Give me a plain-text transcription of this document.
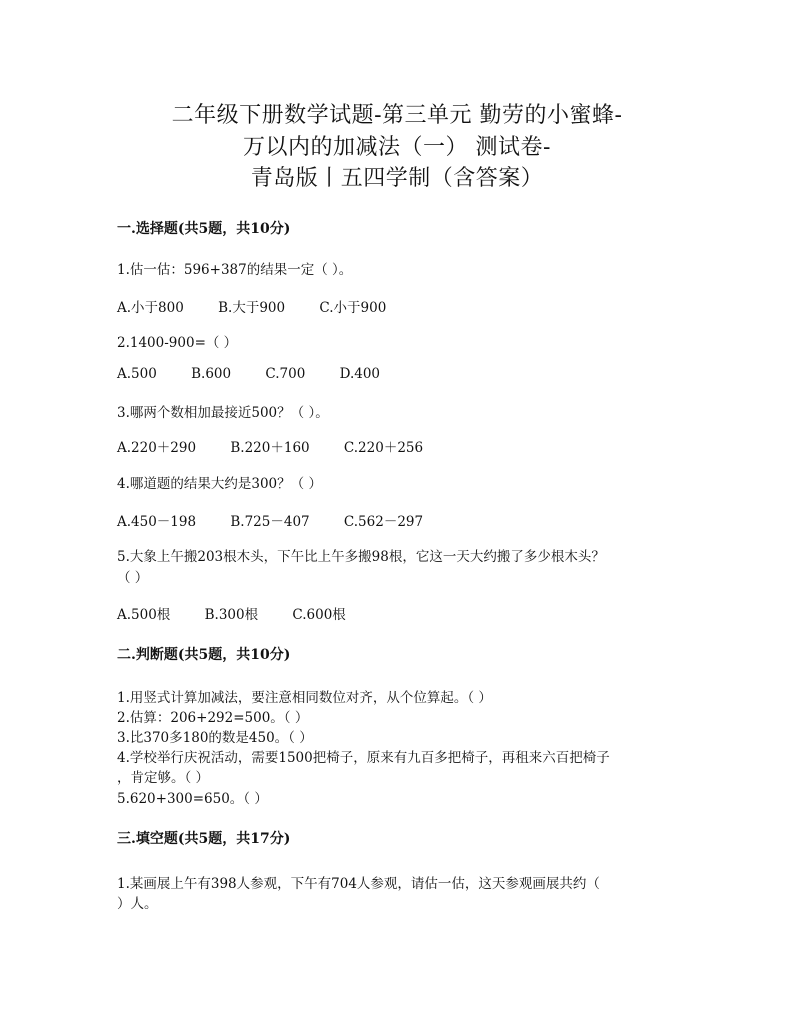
二年级下册数学试题-第三单元 勤劳的小蜜蜂-
万以内的加减法（一） 测试卷-
青岛版丨五四学制（含答案）
一.选择题(共5题，共10分)
1.估一估：596+387的结果一定（ ）。
A.小于800	B.大于900	C.小于900
2.1400-900=（ ）
A.500	B.600	C.700	D.400
3.哪两个数相加最接近500？（ ）。
A.220＋290	B.220＋160	C.220＋256
4.哪道题的结果大约是300？（ ）
A.450－198	B.725－407	C.562－297
5.大象上午搬203根木头，下午比上午多搬98根，它这一天大约搬了多少根木头？
（ ）
A.500根	B.300根	C.600根
二.判断题(共5题，共10分)
1.用竖式计算加减法，要注意相同数位对齐，从个位算起。（ ）
2.估算：206+292=500。（ ）
3.比370多180的数是450。（ ）
4.学校举行庆祝活动，需要1500把椅子，原来有九百多把椅子，再租来六百把椅子
，肯定够。（ ）
5.620+300=650。（ ）
三.填空题(共5题，共17分)
1.某画展上午有398人参观，下午有704人参观，请估一估，这天参观画展共约（
）人。
